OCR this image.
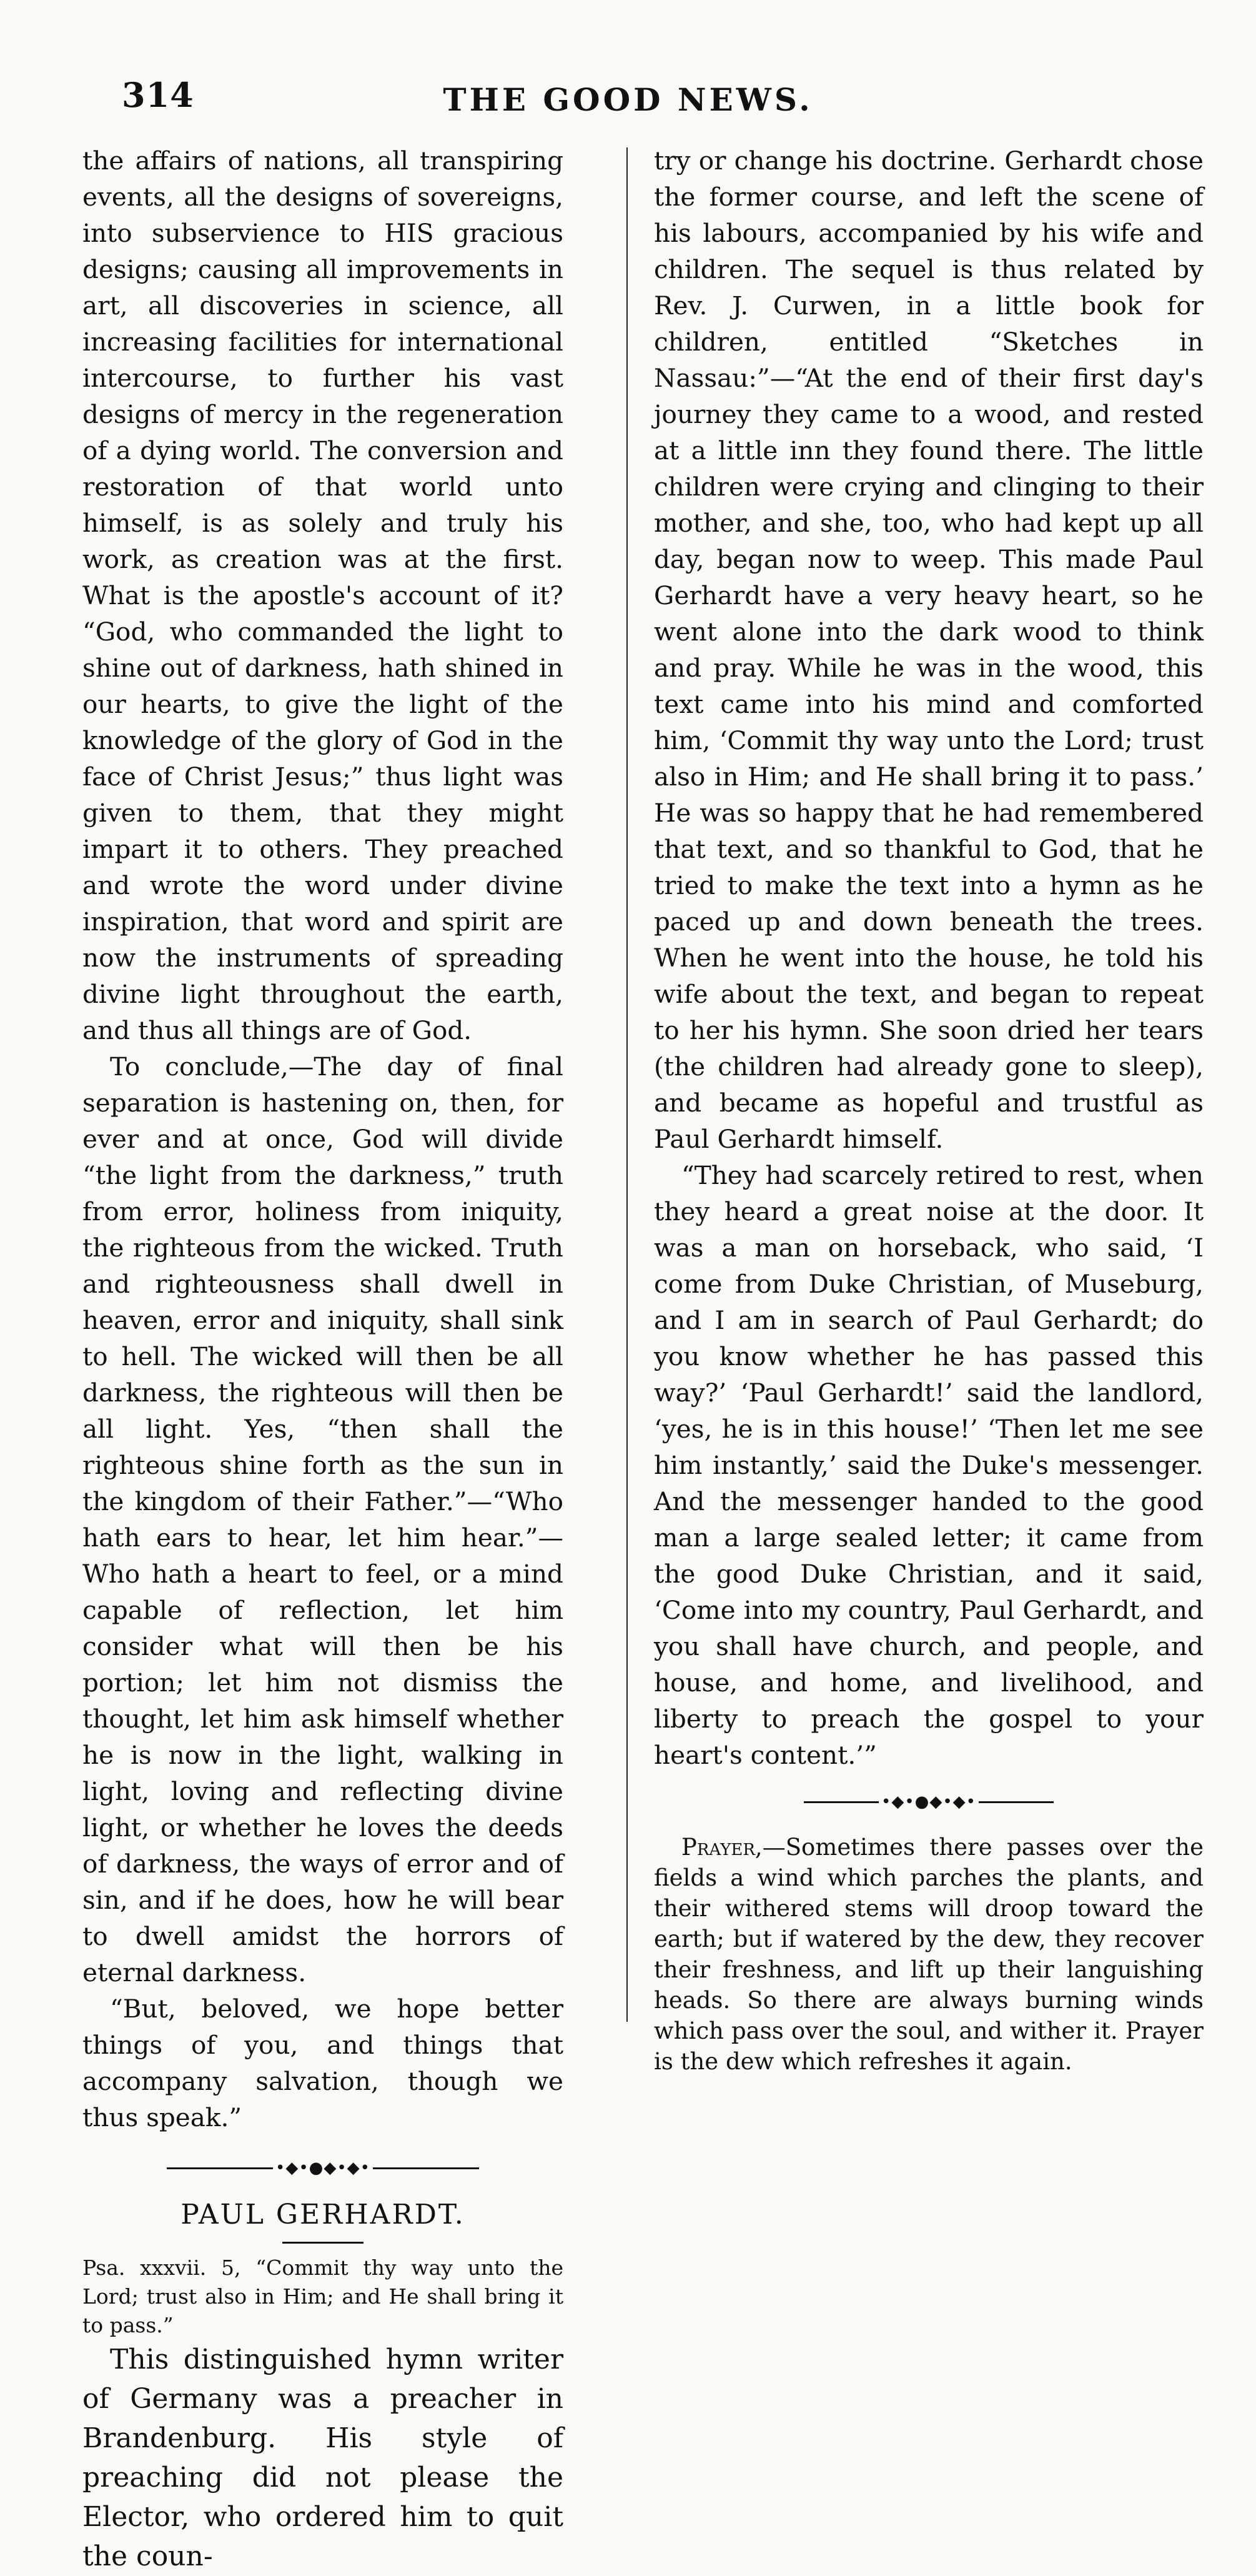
314	THE GOOD NEWS.

the affairs of nations, all transpiring events, all the designs of sovereigns, into subservience to HIS gracious designs; causing all improvements in art, all discoveries in science, all increasing facilities for international intercourse, to further his vast designs of mercy in the regeneration of a dying world. The conversion and restoration of that world unto himself, is as solely and truly his work, as creation was at the first. What is the apostle's account of it? “God, who commanded the light to shine out of darkness, hath shined in our hearts, to give the light of the knowledge of the glory of God in the face of Christ Jesus;” thus light was given to them, that they might impart it to others. They preached and wrote the word under divine inspiration, that word and spirit are now the instruments of spreading divine light throughout the earth, and thus all things are of God.

To conclude,—The day of final separation is hastening on, then, for ever and at once, God will divide “the light from the darkness,” truth from error, holiness from iniquity, the righteous from the wicked. Truth and righteousness shall dwell in heaven, error and iniquity, shall sink to hell. The wicked will then be all darkness, the righteous will then be all light. Yes, “then shall the righteous shine forth as the sun in the kingdom of their Father.”—“Who hath ears to hear, let him hear.”—Who hath a heart to feel, or a mind capable of reflection, let him consider what will then be his portion; let him not dismiss the thought, let him ask himself whether he is now in the light, walking in light, loving and reflecting divine light, or whether he loves the deeds of darkness, the ways of error and of sin, and if he does, how he will bear to dwell amidst the horrors of eternal darkness.

“But, beloved, we hope better things of you, and things that accompany salvation, though we thus speak.”

•◆•●◆•◆•
PAUL GERHARDT.

Psa. xxxvii. 5, “Commit thy way unto the Lord; trust also in Him; and He shall bring it to pass.”

This distinguished hymn writer of Germany was a preacher in Brandenburg. His style of preaching did not please the Elector, who ordered him to quit the coun-

try or change his doctrine. Gerhardt chose the former course, and left the scene of his labours, accompanied by his wife and children. The sequel is thus related by Rev. J. Curwen, in a little book for children, entitled “Sketches in Nassau:”—“At the end of their first day's journey they came to a wood, and rested at a little inn they found there. The little children were crying and clinging to their mother, and she, too, who had kept up all day, began now to weep. This made Paul Gerhardt have a very heavy heart, so he went alone into the dark wood to think and pray. While he was in the wood, this text came into his mind and comforted him, ‘Commit thy way unto the Lord; trust also in Him; and He shall bring it to pass.’ He was so happy that he had remembered that text, and so thankful to God, that he tried to make the text into a hymn as he paced up and down beneath the trees. When he went into the house, he told his wife about the text, and began to repeat to her his hymn. She soon dried her tears (the children had already gone to sleep), and became as hopeful and trustful as Paul Gerhardt himself.

“They had scarcely retired to rest, when they heard a great noise at the door. It was a man on horseback, who said, ‘I come from Duke Christian, of Museburg, and I am in search of Paul Gerhardt; do you know whether he has passed this way?’ ‘Paul Gerhardt!’ said the landlord, ‘yes, he is in this house!’ ‘Then let me see him instantly,’ said the Duke's messenger. And the messenger handed to the good man a large sealed letter; it came from the good Duke Christian, and it said, ‘Come into my country, Paul Gerhardt, and you shall have church, and people, and house, and home, and livelihood, and liberty to preach the gospel to your heart's content.’”

•◆•●◆•◆•

Prayer,—Sometimes there passes over the fields a wind which parches the plants, and their withered stems will droop toward the earth; but if watered by the dew, they recover their freshness, and lift up their languishing heads. So there are always burning winds which pass over the soul, and wither it. Prayer is the dew which refreshes it again.
